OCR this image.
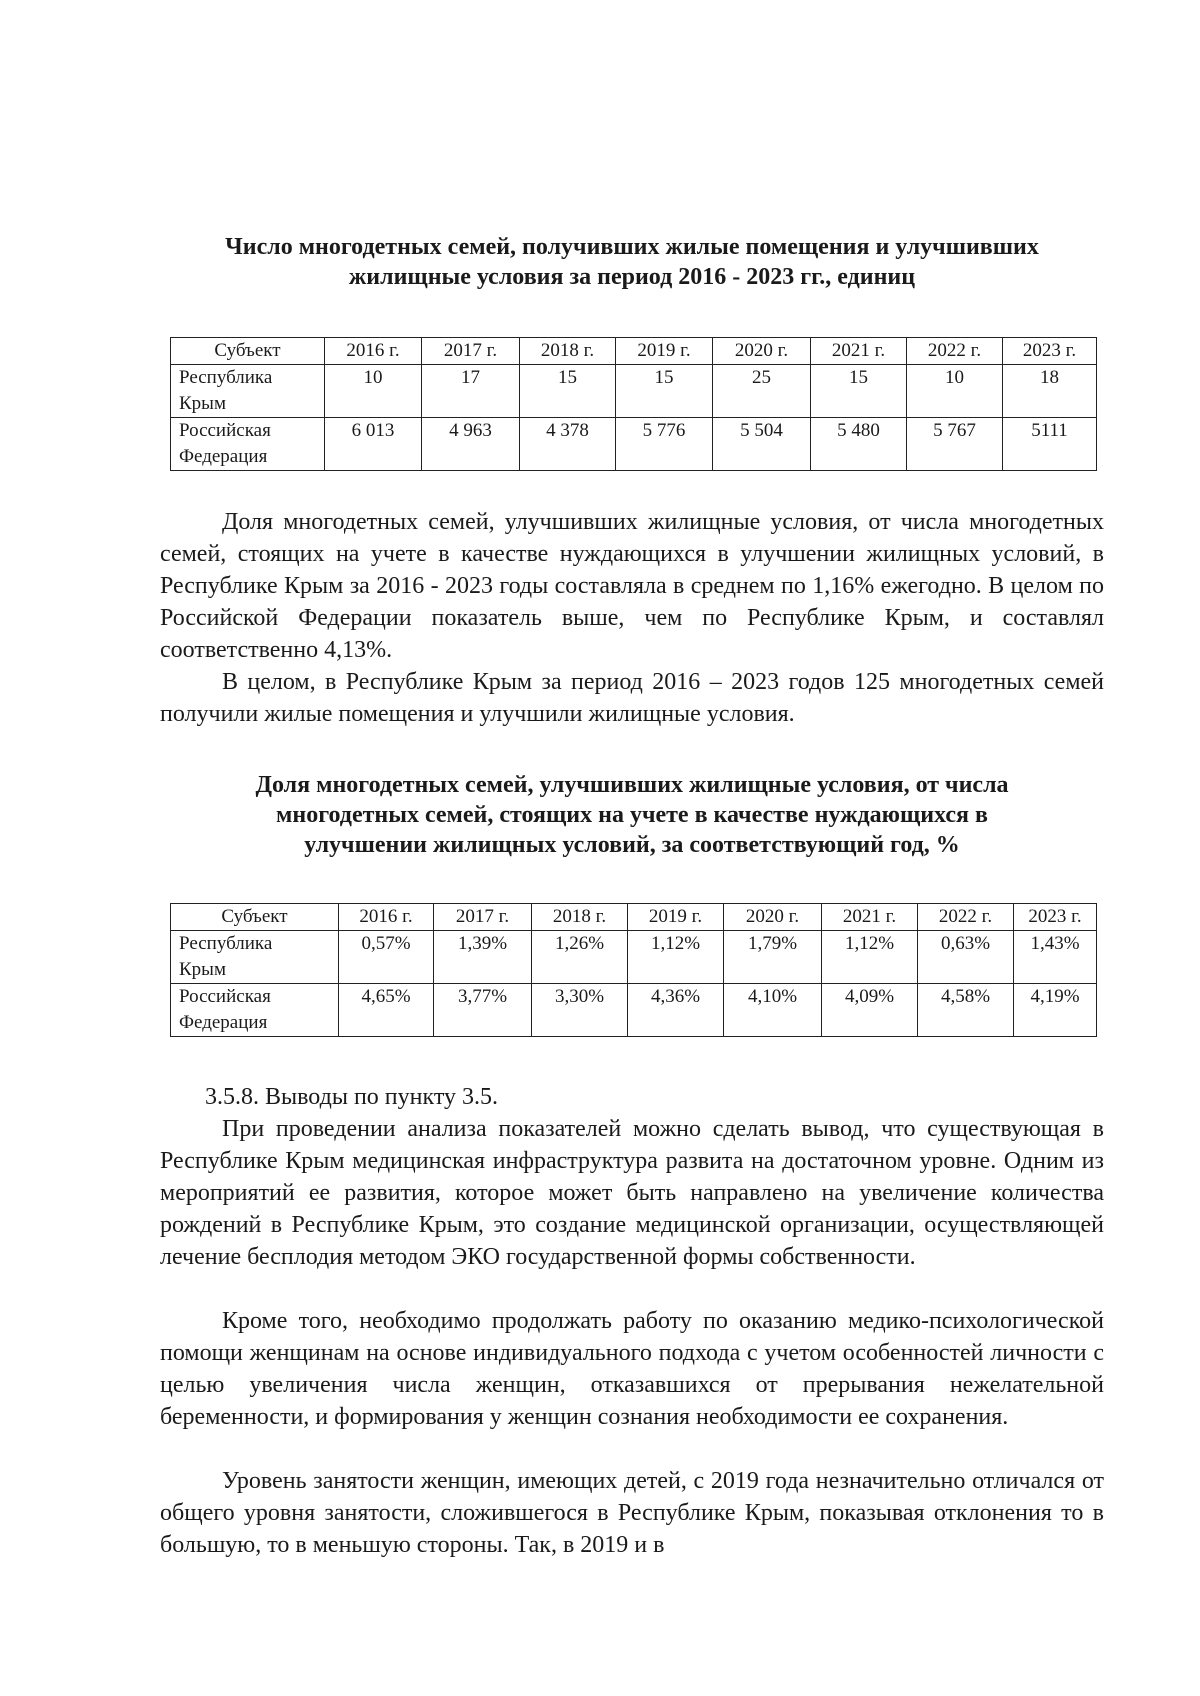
Число многодетных семей, получивших жилые помещения и улучшивших
жилищные условия за период 2016 - 2023 гг., единиц
Субъект	2016 г.	2017 г.	2018 г.	2019 г.	2020 г.	2021 г.	2022 г.	2023 г.

Республика
Крым	10	17	15	15	25	15	10	18

Российская
Федерация	6 013	4 963	4 378	5 776	5 504	5 480	5 767	5111
Доля многодетных семей, улучшивших жилищные условия, от числа многодетных семей, стоящих на учете в качестве нуждающихся в улучшении жилищных условий, в Республике Крым за 2016 - 2023 годы составляла в среднем по 1,16% ежегодно. В целом по Российской Федерации показатель выше, чем по Республике Крым, и составлял соответственно 4,13%.
В целом, в Республике Крым за период 2016 – 2023 годов 125 многодетных семей получили жилые помещения и улучшили жилищные условия.
Доля многодетных семей, улучшивших жилищные условия, от числа
многодетных семей, стоящих на учете в качестве нуждающихся в
улучшении жилищных условий, за соответствующий год, %
Субъект	2016 г.	2017 г.	2018 г.	2019 г.	2020 г.	2021 г.	2022 г.	2023 г.

Республика
Крым	0,57%	1,39%	1,26%	1,12%	1,79%	1,12%	0,63%	1,43%

Российская
Федерация	4,65%	3,77%	3,30%	4,36%	4,10%	4,09%	4,58%	4,19%
3.5.8. Выводы по пункту 3.5.
При проведении анализа показателей можно сделать вывод, что существующая в Республике Крым медицинская инфраструктура развита на достаточном уровне. Одним из мероприятий ее развития, которое может быть направлено на увеличение количества рождений в Республике Крым, это создание медицинской организации, осуществляющей лечение бесплодия методом ЭКО государственной формы собственности.
Кроме того, необходимо продолжать работу по оказанию медико-психологической помощи женщинам на основе индивидуального подхода с учетом особенностей личности с целью увеличения числа женщин, отказавшихся от прерывания нежелательной беременности, и формирования у женщин сознания необходимости ее сохранения.
Уровень занятости женщин, имеющих детей, с 2019 года незначительно отличался от общего уровня занятости, сложившегося в Республике Крым, показывая отклонения то в большую, то в меньшую стороны. Так, в 2019 и в
